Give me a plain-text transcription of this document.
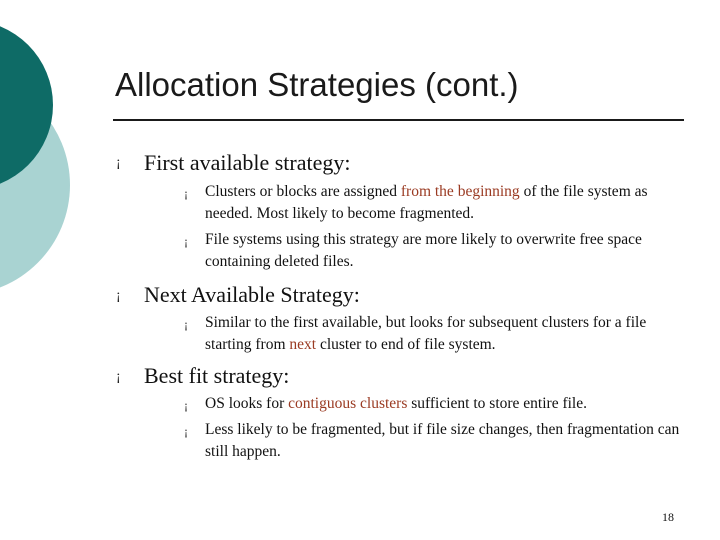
Allocation Strategies (cont.)
¡ First available strategy:
¡ Clusters or blocks are assigned from the beginning of the file system as needed. Most likely to become fragmented.
¡ File systems using this strategy are more likely to overwrite free space containing deleted files.
¡ Next Available Strategy:
¡ Similar to the first available, but looks for subsequent clusters for a file starting from next cluster to end of file system.
¡ Best fit strategy:
¡ OS looks for contiguous clusters sufficient to store entire file.
¡ Less likely to be fragmented, but if file size changes, then fragmentation can still happen.
18
